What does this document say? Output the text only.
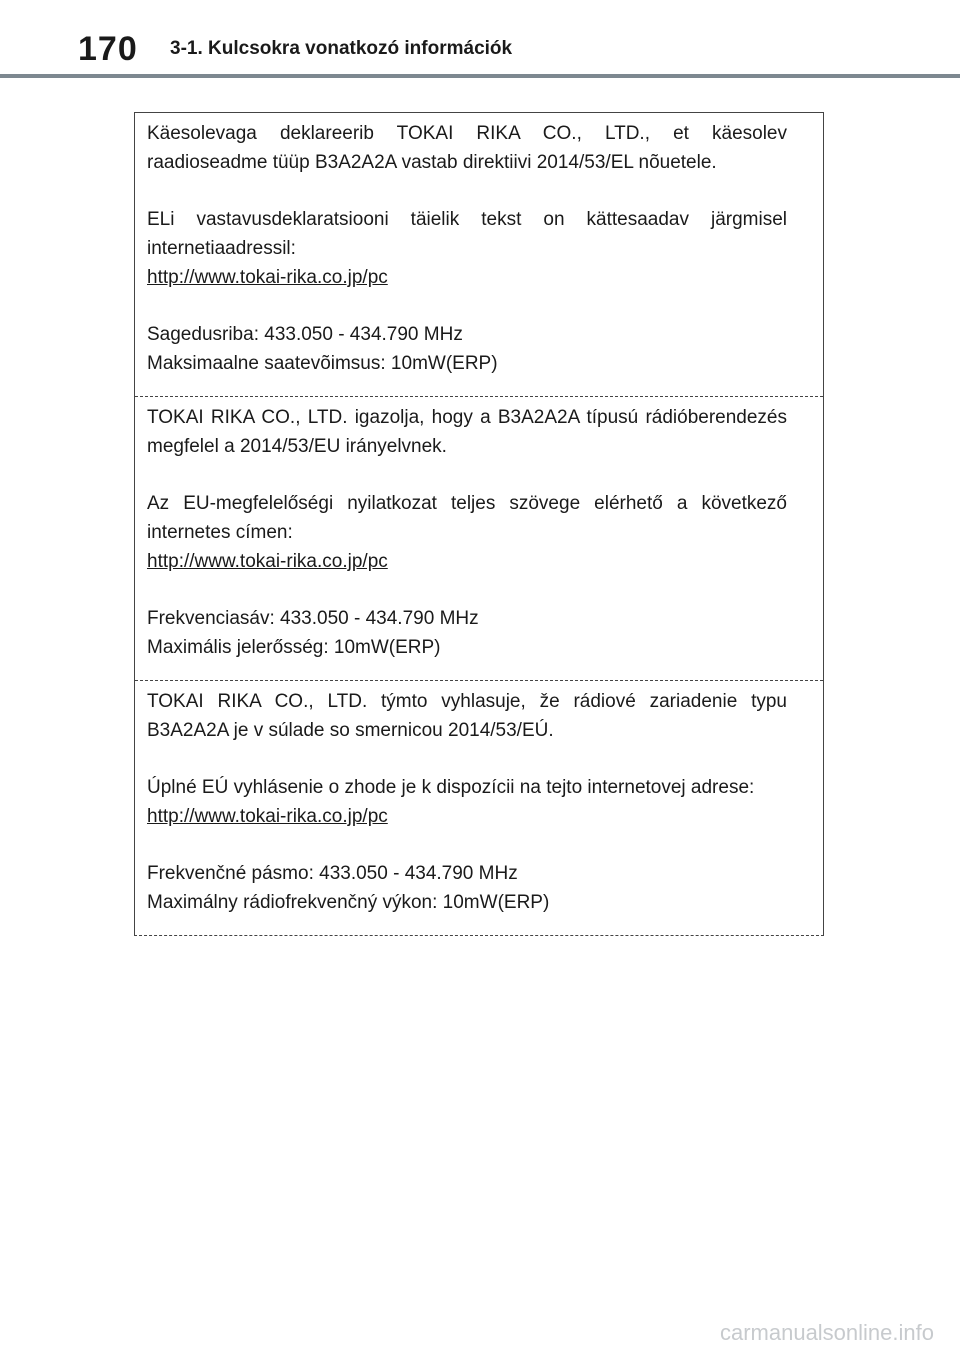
170 3-1. Kulcsokra vonatkozó információk

Käesolevaga deklareerib TOKAI RIKA CO., LTD., et käesolev raadioseadme tüüp B3A2A2A vastab direktiivi 2014/53/EL nõuetele.

ELi vastavusdeklaratsiooni täielik tekst on kättesaadav järgmisel internetiaadressil:

http://www.tokai-rika.co.jp/pc

Sagedusriba: 433.050 - 434.790 MHz

Maksimaalne saatevõimsus: 10mW(ERP)

TOKAI RIKA CO., LTD. igazolja, hogy a B3A2A2A típusú rádióberendezés megfelel a 2014/53/EU irányelvnek.

Az EU-megfelelőségi nyilatkozat teljes szövege elérhető a következő internetes címen:

http://www.tokai-rika.co.jp/pc

Frekvenciasáv: 433.050 - 434.790 MHz

Maximális jelerősség: 10mW(ERP)

TOKAI RIKA CO., LTD. týmto vyhlasuje, že rádiové zariadenie typu B3A2A2A je v súlade so smernicou 2014/53/EÚ.

Úplné EÚ vyhlásenie o zhode je k dispozícii na tejto internetovej adrese:

http://www.tokai-rika.co.jp/pc

Frekvenčné pásmo: 433.050 - 434.790 MHz

Maximálny rádiofrekvenčný výkon: 10mW(ERP)
carmanualsonline.info
